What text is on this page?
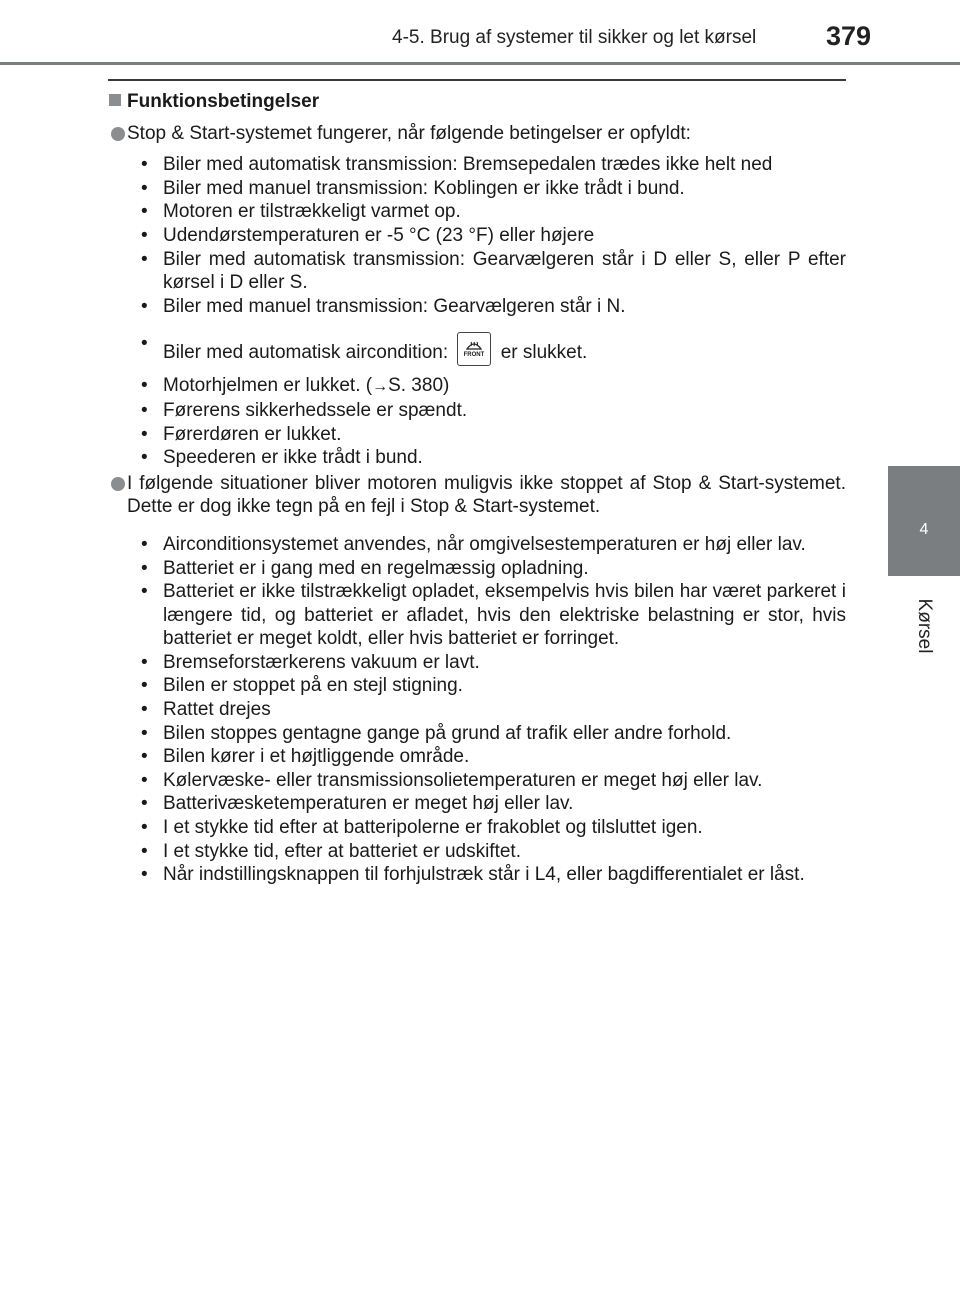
4-5. Brug af systemer til sikker og let kørsel	379
4
Kørsel
Funktionsbetingelser
Stop & Start-systemet fungerer, når følgende betingelser er opfyldt:
• Biler med automatisk transmission: Bremsepedalen trædes ikke helt ned
• Biler med manuel transmission: Koblingen er ikke trådt i bund.
• Motoren er tilstrækkeligt varmet op.
• Udendørstemperaturen er -5 °C (23 °F) eller højere
• Biler med automatisk transmission: Gearvælgeren står i D eller S, eller P efter kørsel i D eller S.
• Biler med manuel transmission: Gearvælgeren står i N.
• Biler med automatisk aircondition:	FRONT er slukket.
• Motorhjelmen er lukket. (→S. 380)
• Førerens sikkerhedssele er spændt.
• Førerdøren er lukket.
• Speederen er ikke trådt i bund.
I følgende situationer bliver motoren muligvis ikke stoppet af Stop & Start-systemet. Dette er dog ikke tegn på en fejl i Stop & Start-systemet.
• Airconditionsystemet anvendes, når omgivelsestemperaturen er høj eller lav.
• Batteriet er i gang med en regelmæssig opladning.
• Batteriet er ikke tilstrækkeligt opladet, eksempelvis hvis bilen har været parkeret i længere tid, og batteriet er afladet, hvis den elektriske belastning er stor, hvis batteriet er meget koldt, eller hvis batteriet er forringet.
• Bremseforstærkerens vakuum er lavt.
• Bilen er stoppet på en stejl stigning.
• Rattet drejes
• Bilen stoppes gentagne gange på grund af trafik eller andre forhold.
• Bilen kører i et højtliggende område.
• Kølervæske- eller transmissionsolietemperaturen er meget høj eller lav.
• Batterivæsketemperaturen er meget høj eller lav.
• I et stykke tid efter at batteripolerne er frakoblet og tilsluttet igen.
• I et stykke tid, efter at batteriet er udskiftet.
• Når indstillingsknappen til forhjulstræk står i L4, eller bagdifferentialet er låst.
